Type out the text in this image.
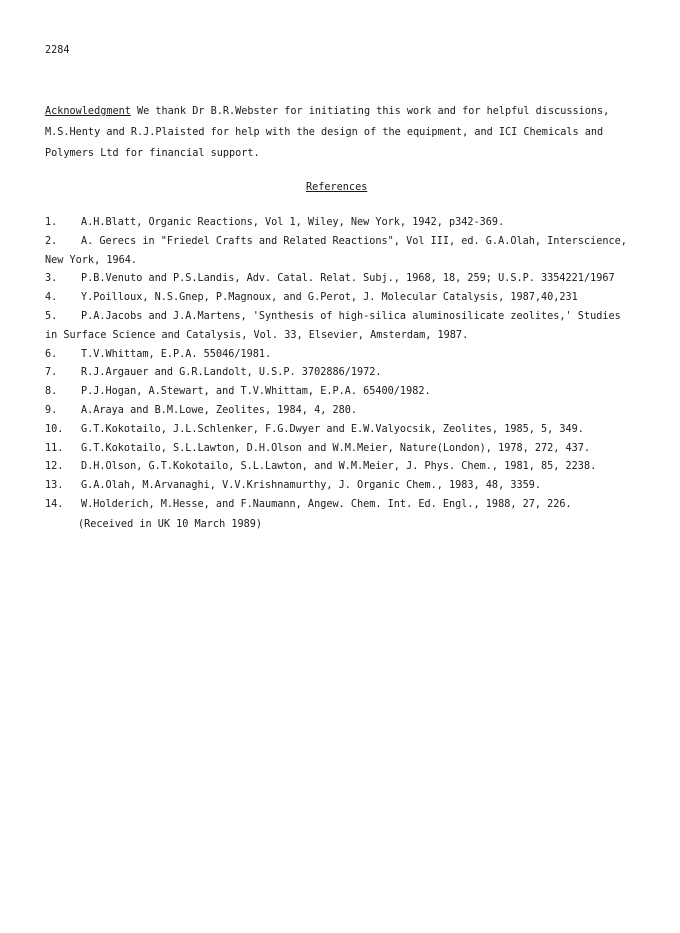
2284
Acknowledgment We thank Dr B.R.Webster for initiating this work and for helpful discussions,
M.S.Henty and R.J.Plaisted for help with the design of the equipment, and ICI Chemicals and
Polymers Ltd for financial support.
References
1. A.H.Blatt, Organic Reactions, Vol 1, Wiley, New York, 1942, p342-369.
2. A. Gerecs in "Friedel Crafts and Related Reactions", Vol III, ed. G.A.Olah, Interscience,
New York, 1964.
3. P.B.Venuto and P.S.Landis, Adv. Catal. Relat. Subj., 1968, 18, 259; U.S.P. 3354221/1967
4. Y.Poilloux, N.S.Gnep, P.Magnoux, and G.Perot, J. Molecular Catalysis, 1987,40,231
5. P.A.Jacobs and J.A.Martens, 'Synthesis of high-silica aluminosilicate zeolites,' Studies
in Surface Science and Catalysis, Vol. 33, Elsevier, Amsterdam, 1987.
6. T.V.Whittam, E.P.A. 55046/1981.
7. R.J.Argauer and G.R.Landolt, U.S.P. 3702886/1972.
8. P.J.Hogan, A.Stewart, and T.V.Whittam, E.P.A. 65400/1982.
9. A.Araya and B.M.Lowe, Zeolites, 1984, 4, 280.
10. G.T.Kokotailo, J.L.Schlenker, F.G.Dwyer and E.W.Valyocsik, Zeolites, 1985, 5, 349.
11. G.T.Kokotailo, S.L.Lawton, D.H.Olson and W.M.Meier, Nature(London), 1978, 272, 437.
12. D.H.Olson, G.T.Kokotailo, S.L.Lawton, and W.M.Meier, J. Phys. Chem., 1981, 85, 2238.
13. G.A.Olah, M.Arvanaghi, V.V.Krishnamurthy, J. Organic Chem., 1983, 48, 3359.
14. W.Holderich, M.Hesse, and F.Naumann, Angew. Chem. Int. Ed. Engl., 1988, 27, 226.
(Received in UK 10 March 1989)
